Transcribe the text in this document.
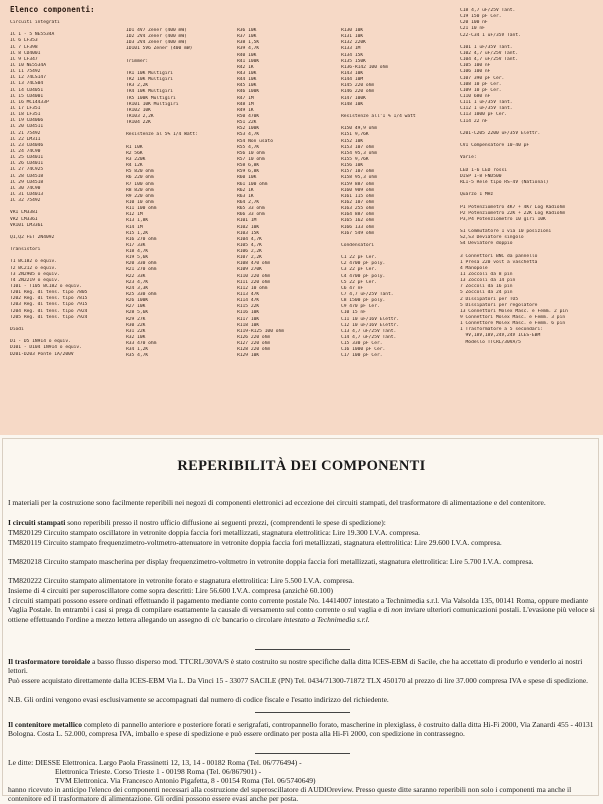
Elenco componenti:
Circuiti integrati

IC 1 - 5 NE5534A
IC 6 LF353
IC 7 LF398
IC 8 CD4001
IC 9 LF347
IC 10 NE5534A
IC 11 75492
IC 12 74LS147
IC 13 74LS04
IC 14 CD4051
IC 15 CD4001
IC 16 MC14433P
IC 17 LF351
IC 18 LF351
IC 19 CD4066
IC 20 CD4511
IC 21 75492
IC 22 LM311
IC 23 CD4046
IC 24 74C90
IC 25 CD4011
IC 26 CD4011
IC 27 74C925
IC 28 CD4518
IC 29 CD4518
IC 30 74C90
IC 31 CD4013
IC 32 75492

VR1 LM338I
VR2 LM336I
VR101 LM336I

Q1,Q2 FET 2N4092

Transistori

T1 BC182 o equiv.
T2 BC212 o equiv.
T3 2N2905 o equiv.
T4 2N2219 o equiv.
T101 - T105 BC182 o equiv.
T201 Reg. di tens. tipo 7805
T202 Reg. di tens. tipo 7815
T203 Reg. di tens. tipo 7915
T204 Reg. di tens. tipo 7924
T205 Reg. di tens. tipo 7924

Diodi

D1 - D5 1N914 o equiv.
D101 - D104 1N914 o equiv.
D201-D203 Ponte 1A/200V
ID1 4V7 Zener (400 mW)
ID2 2V4 Zener (400 mW)
ID3 2V4 Zener (400 mW)
ID101 5V6 Zener (400 mW)

Trimmer:

TR1 10K Multigiri
TR2 10K Multigiri
TR3 2,2K
TR4 10K Multigiri
TR5 100K Multigiri
TR101 10K Multigiri
TR102 10K
TR103 2,2K
TR104 22K

Resistenze al 5% 1/4 Watt:

R1 10K
R2 56K
R3 220K
R4 12K
R5 820 ohm
R6 220 ohm
R7 100 ohm
R8 820 ohm
R9 220 ohm
R10 10 ohm
R11 100 ohm
R12 1M
R13 1,8K
R14 1M
R15 1,2K
R16 270 ohm
R17 33K
R18 4,7K
R19 5,6K
R20 330 ohm
R21 270 ohm
R22 33K
R23 4,7K
R24 3,3K
R25 330 ohm
R26 100K
R27 10K
R28 5,6K
R29 27K
R30 22K
R31 22K
R32 10K
R33 470 ohm
R34 1,2K
R35 4,7K
R36 10K
R37 10K
R38 1,5K
R39 4,7K
R40 10K
R41 100K
R42 1K
R43 10K
R44 10K
R45 10K
R46 100K
R47 1M
R48 1M
R49 1K
R50 470K
R51 22K
R52 100K
R53 4,7K
R54 Non usato
R55 4,7K
R56 10 ohm
R57 10 ohm
R58 6,8K
R59 6,8K
R60 10K
R61 100 ohm
R62 1K
R63 1K
R64 2,7K
R65 33 ohm
R66 33 ohm
R101 1M
R102 10K
R103 15K
R104 4,7K
R105 4,7K
R106 2,2K
R107 2,2K
R108 470 ohm
R109 270K
R110 220 ohm
R111 220 ohm
R112 10 ohm
R113 47K
R114 47K
R115 22K
R116 10K
R117 10K
R118 10K
R119-R125 100 ohm
R126 220 ohm
R127 220 ohm
R128 220 ohm
R129 10K
R130 10K
R131 10K
R132 220K
R133 1M
R134 15K
R135 150K
R136-R142 100 ohm
R143 10K
R144 10M
R145 220 ohm
R146 220 ohm
R147 100K
R148 10K

Resistenze all'1 % 1/4 watt

R150 49,9 ohm
R151 9,76K
R152 10K
R153 107 ohm
R154 95,3 ohm
R155 9,76K
R156 10K
R157 107 ohm
R158 95,3 ohm
R159 887 ohm
R160 909 ohm
R161 115 ohm
R162 107 ohm
R163 255 ohm
R164 887 ohm
R165 162 ohm
R166 133 ohm
R167 549 ohm

Condensatori

C1 22 pF Cer.
C2 4700 pF poly.
C3 22 pF Cer.
C4 4700 pF poly.
C5 22 pF Cer.
C6 47 nF
C7 4,7 uF/25V Tant.
C8 1500 pF poly.
C9 470 pF Cer.
C10 15 nF
C11 10 uF/16V Elettr.
C12 10 uF/16V Elettr.
C13 4,7 uF/25V Tant.
C14 4,7 uF/25V Tant.
C15 330 pF Cer.
C16 1000 pF Cer.
C17 100 pF Cer.
C18 4,7 uF/25V Tant.
C19 150 pF Cer.
C20 100 nF
C21 10 nF
C22-C34 1 uF/35V Tant.

C101 1 uF/35V Tant.
C102 4,7 uF/25V Tant.
C104 4,7 uF/25V Tant.
C105 100 nF
C106 100 nF
C107 390 pF Cer.
C108 10 pF Cer.
C109 10 pF Cer.
C110 680 nF
C111 1 uF/35V Tant.
C112 1 uF/35V Tant.
C113 1000 pF Cer.
C114 22 nF

C201-C205 2200 uF/35V Elettr.

CV1 Compensatore 10-40 pF

Varie:

LED 1-6 LED rossi
DISP 1-8 FND500
RL1-5 Relè tipo RS-4V (National)

Quarzo 1 MHz

P1 Potenziometro 4K7 + 4K7 Log Radiohm
P2 Potenziometro 22K + 22K Log Radiohm
P3,P4 Potenziometro 10 giri 10K

S1 Commutatore 1 via 10 posizioni
S2,S3 Deviatore singolo
S4 Deviatore doppio

3 Connettori BNC da pannello
1 Presa 220 volt a vaschetta
4 Manopole
11 Zoccoli da 8 pin
13 Zoccoli da 14 pin
7 Zoccoli da 16 pin
5 Zoccoli da 24 pin
2 Dissipatori per TO5
5 Dissipatori per regolatore
13 Connettori Molex Masc. e Femm. 2 pin
9 Connettori Molex Masc. e Femm. 3 pin
1 Connettore Molex Masc. e Femm. 6 pin
1 Trasformatore a 5 secondari:
9V,18V,18V,24V,24V ICES-EBM
Modello TTCRL/30VA/5
REPERIBILITÀ DEI COMPONENTI

I materiali per la costruzione sono facilmente reperibili nei negozi di componenti elettronici ad eccezione dei circuiti stampati, del trasformatore di alimentazione e del contenitore.

I circuiti stampati sono reperibili presso il nostro ufficio diffusione ai seguenti prezzi, (comprendenti le spese di spedizione):

TM820129 Circuito stampato oscillatore in vetronite doppia faccia fori metallizzati, stagnatura elettrolitica: Lire 19.300 I.V.A. compresa.

TM820119 Circuito stampato frequenzimetro-voltmetro-attenuatore in vetronite doppia faccia fori metallizzati, stagnatura elettrolitica: Lire 29.600 I.V.A. compresa.

TM820218 Circuito stampato mascherina per display frequenzimetro-voltmetro in vetronite doppia faccia fori metallizzati, stagnatura elettrolitica: Lire 5.700 I.V.A. compresa.

TM820222 Circuito stampato alimentatore in vetronite forato e stagnatura elettrolitica: Lire 5.500 I.V.A. compresa.

Insieme di 4 circuiti per superoscillatore come sopra descritti: Lire 56.600 I.V.A. compresa (anzichè 60.100)

I circuiti stampati possono essere ordinati effettuando il pagamento mediante conto corrente postale No. 14414007 intestato a Technimedia s.r.l. Via Valsolda 135, 00141 Roma, oppure mediante Vaglia Postale. In entrambi i casi si prega di compilare esattamente la causale di versamento sul conto corrente o sul vaglia e di non inviare ulteriori comunicazioni postali. L'evasione più veloce si ottiene effettuando l'ordine a mezzo lettera allegando un assegno di c/c bancario o circolare intestato a Technimedia s.r.l.

Il trasformatore toroidale a basso flusso disperso mod. TTCRL/30VA/S è stato costruito su nostre specifiche dalla ditta ICES-EBM di Sacile, che ha accettato di produrlo e venderlo ai nostri lettori.

Può essere acquistato direttamente dalla ICES-EBM Via L. Da Vinci 15 - 33077 SACILE (PN) Tel. 0434/71300-71872 TLX 450170 al prezzo di lire 37.000 compresa IVA e spese di spedizione.

N.B. Gli ordini vengono evasi esclusivamente se accompagnati dal numero di codice fiscale e l'esatto indirizzo del richiedente.

Il contenitore metallico completo di pannello anteriore e posteriore forati e serigrafati, contropannello forato, mascherine in plexiglass, è costruito dalla ditta Hi-Fi 2000, Via Zanardi 455 - 40131 Bologna. Costa L. 52.000, compresa IVA, imballo e spese di spedizione e può essere ordinato per posta alla Hi-Fi 2000, con spedizione in contrassegno.

Le ditte: DIESSE Elettronica. Largo Paola Frassinetti 12, 13, 14 - 00182 Roma (Tel. 06/776494) -

Elettronica Trieste. Corso Trieste 1 - 00198 Roma (Tel. 06/867901) -

TVM Elettronica. Via Francesco Antonio Pigafetta, 8 - 00154 Roma (Tel. 06/5740649)

hanno ricevuto in anticipo l'elenco dei componenti necessari alla costruzione del superoscillatore di AUDIOreview. Presso queste ditte saranno reperibili non solo i componenti ma anche il contenitore ed il trasformatore di alimentazione. Gli ordini possono essere evasi anche per posta.
